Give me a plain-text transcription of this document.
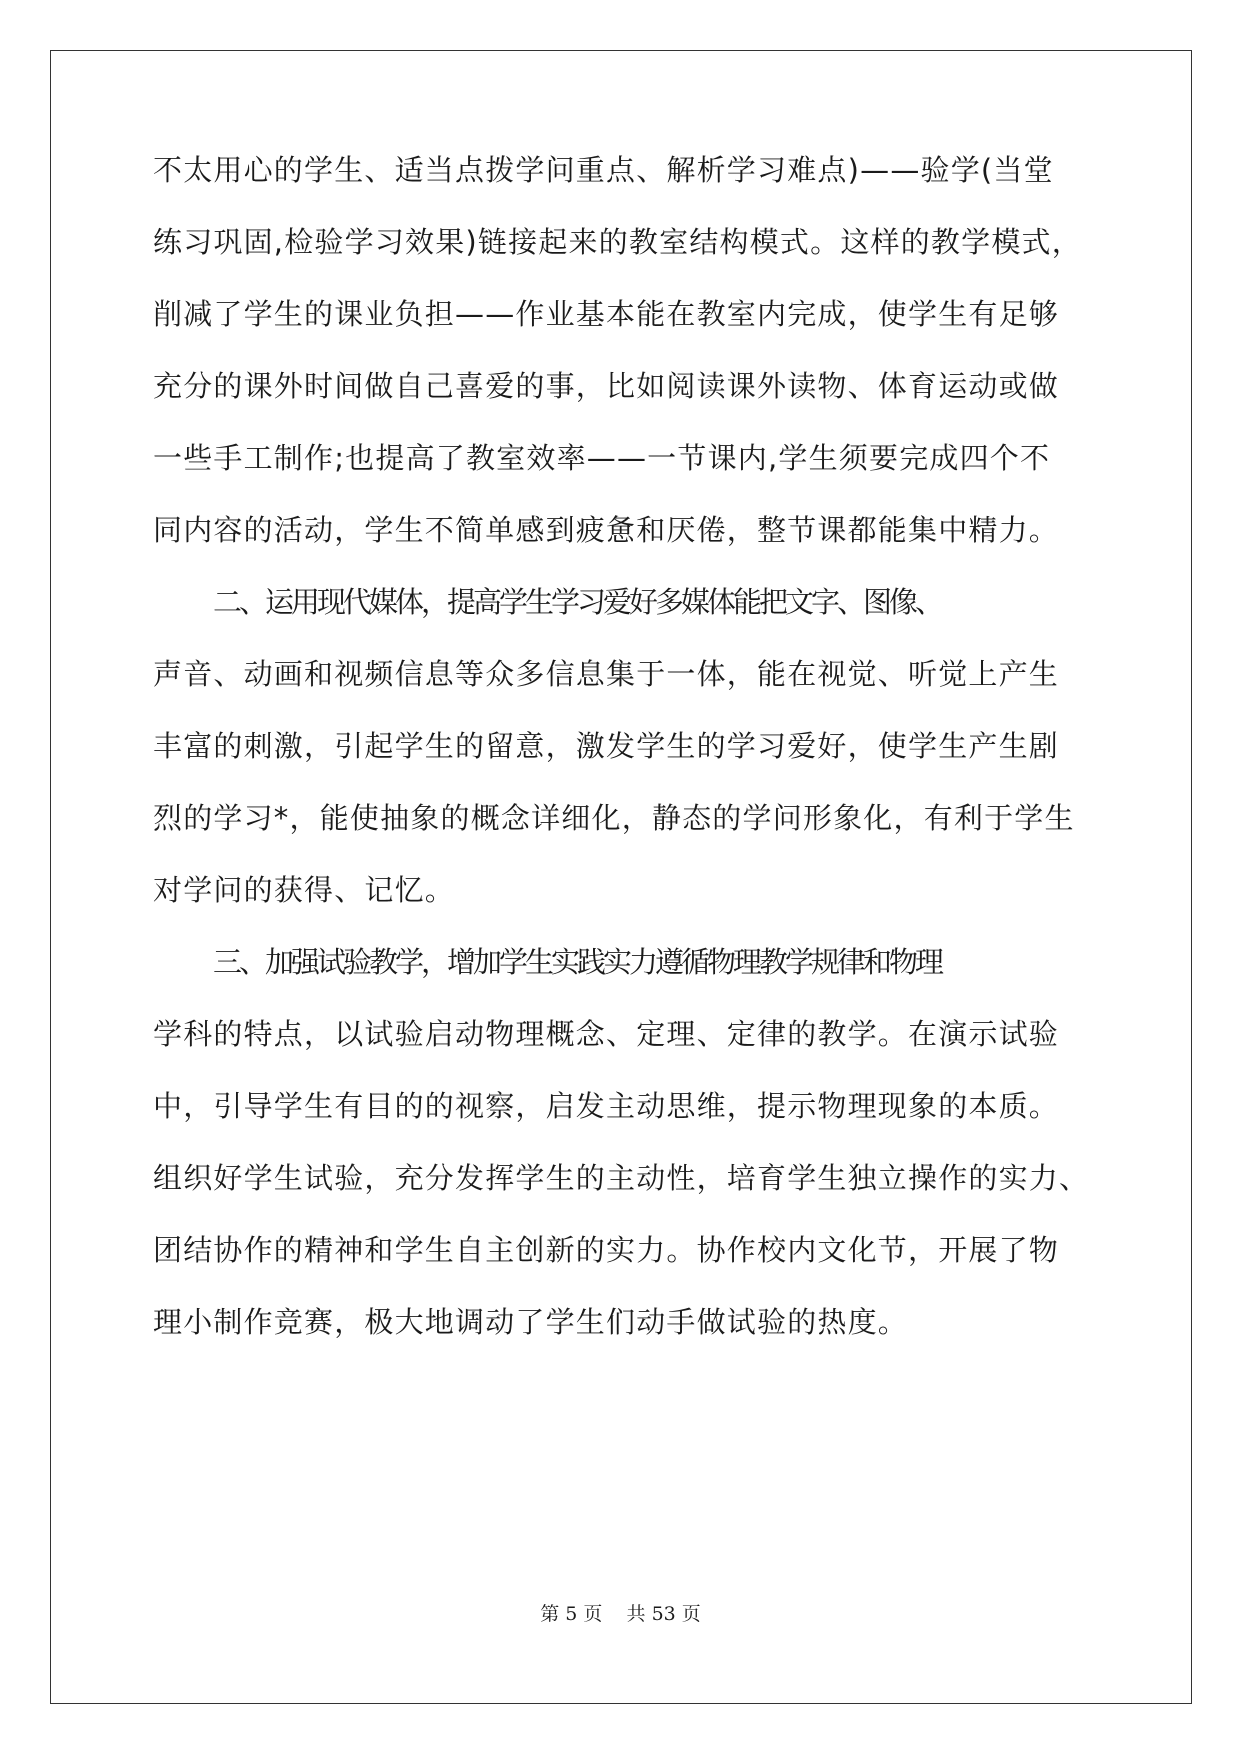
不太用心的学生、适当点拨学问重点、解析学习难点)——验学(当堂
练习巩固,检验学习效果)链接起来的教室结构模式。这样的教学模式，
削减了学生的课业负担——作业基本能在教室内完成，使学生有足够
充分的课外时间做自己喜爱的事，比如阅读课外读物、体育运动或做
一些手工制作;也提高了教室效率——一节课内,学生须要完成四个不
同内容的活动，学生不简单感到疲惫和厌倦，整节课都能集中精力。
二、运用现代媒体，提高学生学习爱好多媒体能把文字、图像、
声音、动画和视频信息等众多信息集于一体，能在视觉、听觉上产生
丰富的刺激，引起学生的留意，激发学生的学习爱好，使学生产生剧
烈的学习*，能使抽象的概念详细化，静态的学问形象化，有利于学生
对学问的获得、记忆。
三、加强试验教学，增加学生实践实力遵循物理教学规律和物理
学科的特点，以试验启动物理概念、定理、定律的教学。在演示试验
中，引导学生有目的的视察，启发主动思维，提示物理现象的本质。
组织好学生试验，充分发挥学生的主动性，培育学生独立操作的实力、
团结协作的精神和学生自主创新的实力。协作校内文化节，开展了物
理小制作竞赛，极大地调动了学生们动手做试验的热度。
第 5 页 共 53 页
